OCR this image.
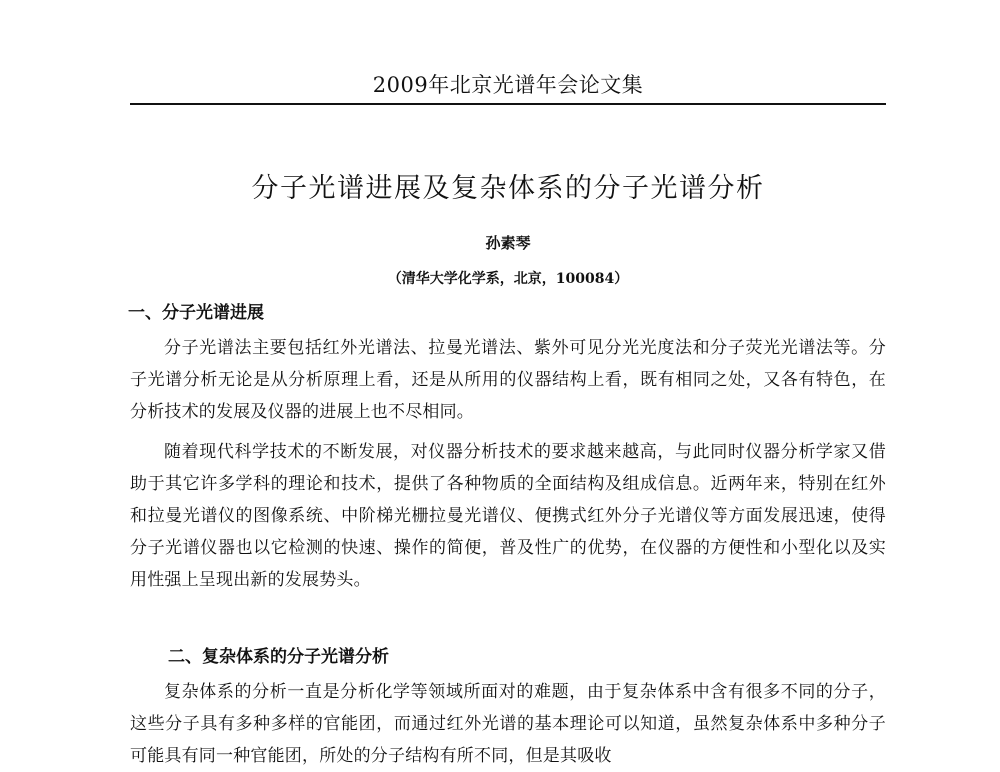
2009年北京光谱年会论文集
分子光谱进展及复杂体系的分子光谱分析
孙素琴
（清华大学化学系，北京，100084）
一、分子光谱进展

分子光谱法主要包括红外光谱法、拉曼光谱法、紫外可见分光光度法和分子荧光光谱法等。分子光谱分析无论是从分析原理上看，还是从所用的仪器结构上看，既有相同之处，又各有特色，在分析技术的发展及仪器的进展上也不尽相同。

随着现代科学技术的不断发展，对仪器分析技术的要求越来越高，与此同时仪器分析学家又借助于其它许多学科的理论和技术，提供了各种物质的全面结构及组成信息。近两年来，特别在红外和拉曼光谱仪的图像系统、中阶梯光栅拉曼光谱仪、便携式红外分子光谱仪等方面发展迅速，使得分子光谱仪器也以它检测的快速、操作的简便，普及性广的优势，在仪器的方便性和小型化以及实用性强上呈现出新的发展势头。

二、复杂体系的分子光谱分析

复杂体系的分析一直是分析化学等领域所面对的难题，由于复杂体系中含有很多不同的分子，这些分子具有多种多样的官能团，而通过红外光谱的基本理论可以知道，虽然复杂体系中多种分子可能具有同一种官能团，所处的分子结构有所不同，但是其吸收
